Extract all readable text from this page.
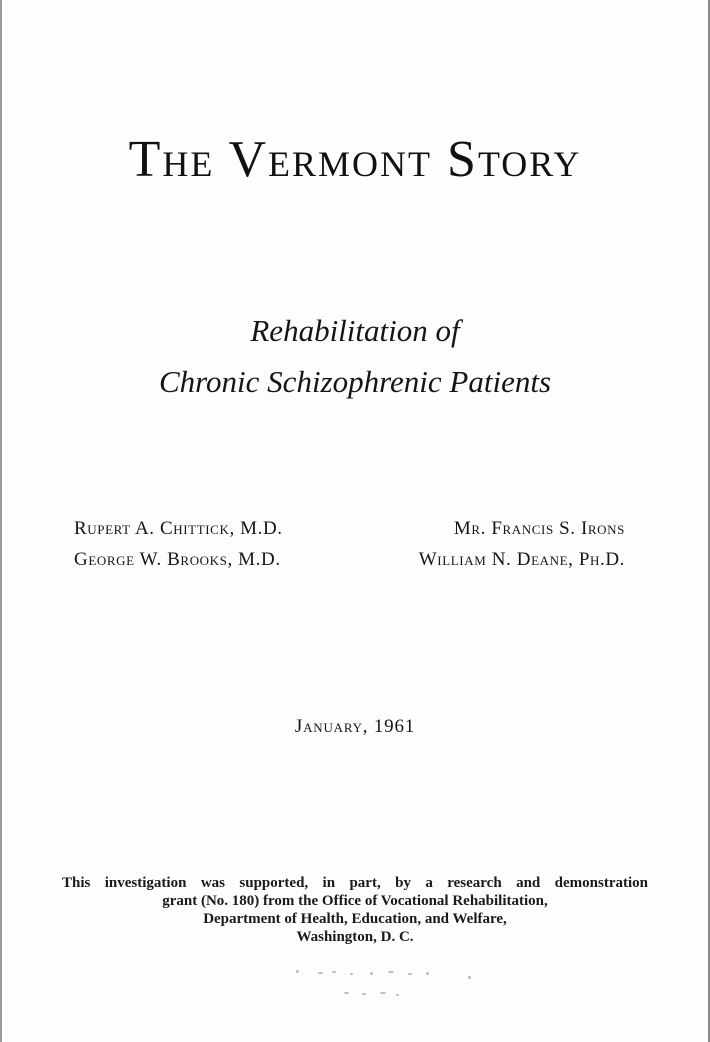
The Vermont Story
Rehabilitation of
Chronic Schizophrenic Patients
Rupert A. Chittick, M.D.
George W. Brooks, M.D.
Mr. Francis S. Irons
William N. Deane, Ph.D.
January, 1961
This investigation was supported, in part, by a research and demonstration
grant (No. 180) from the Office of Vocational Rehabilitation,
Department of Health, Education, and Welfare,
Washington, D. C.
